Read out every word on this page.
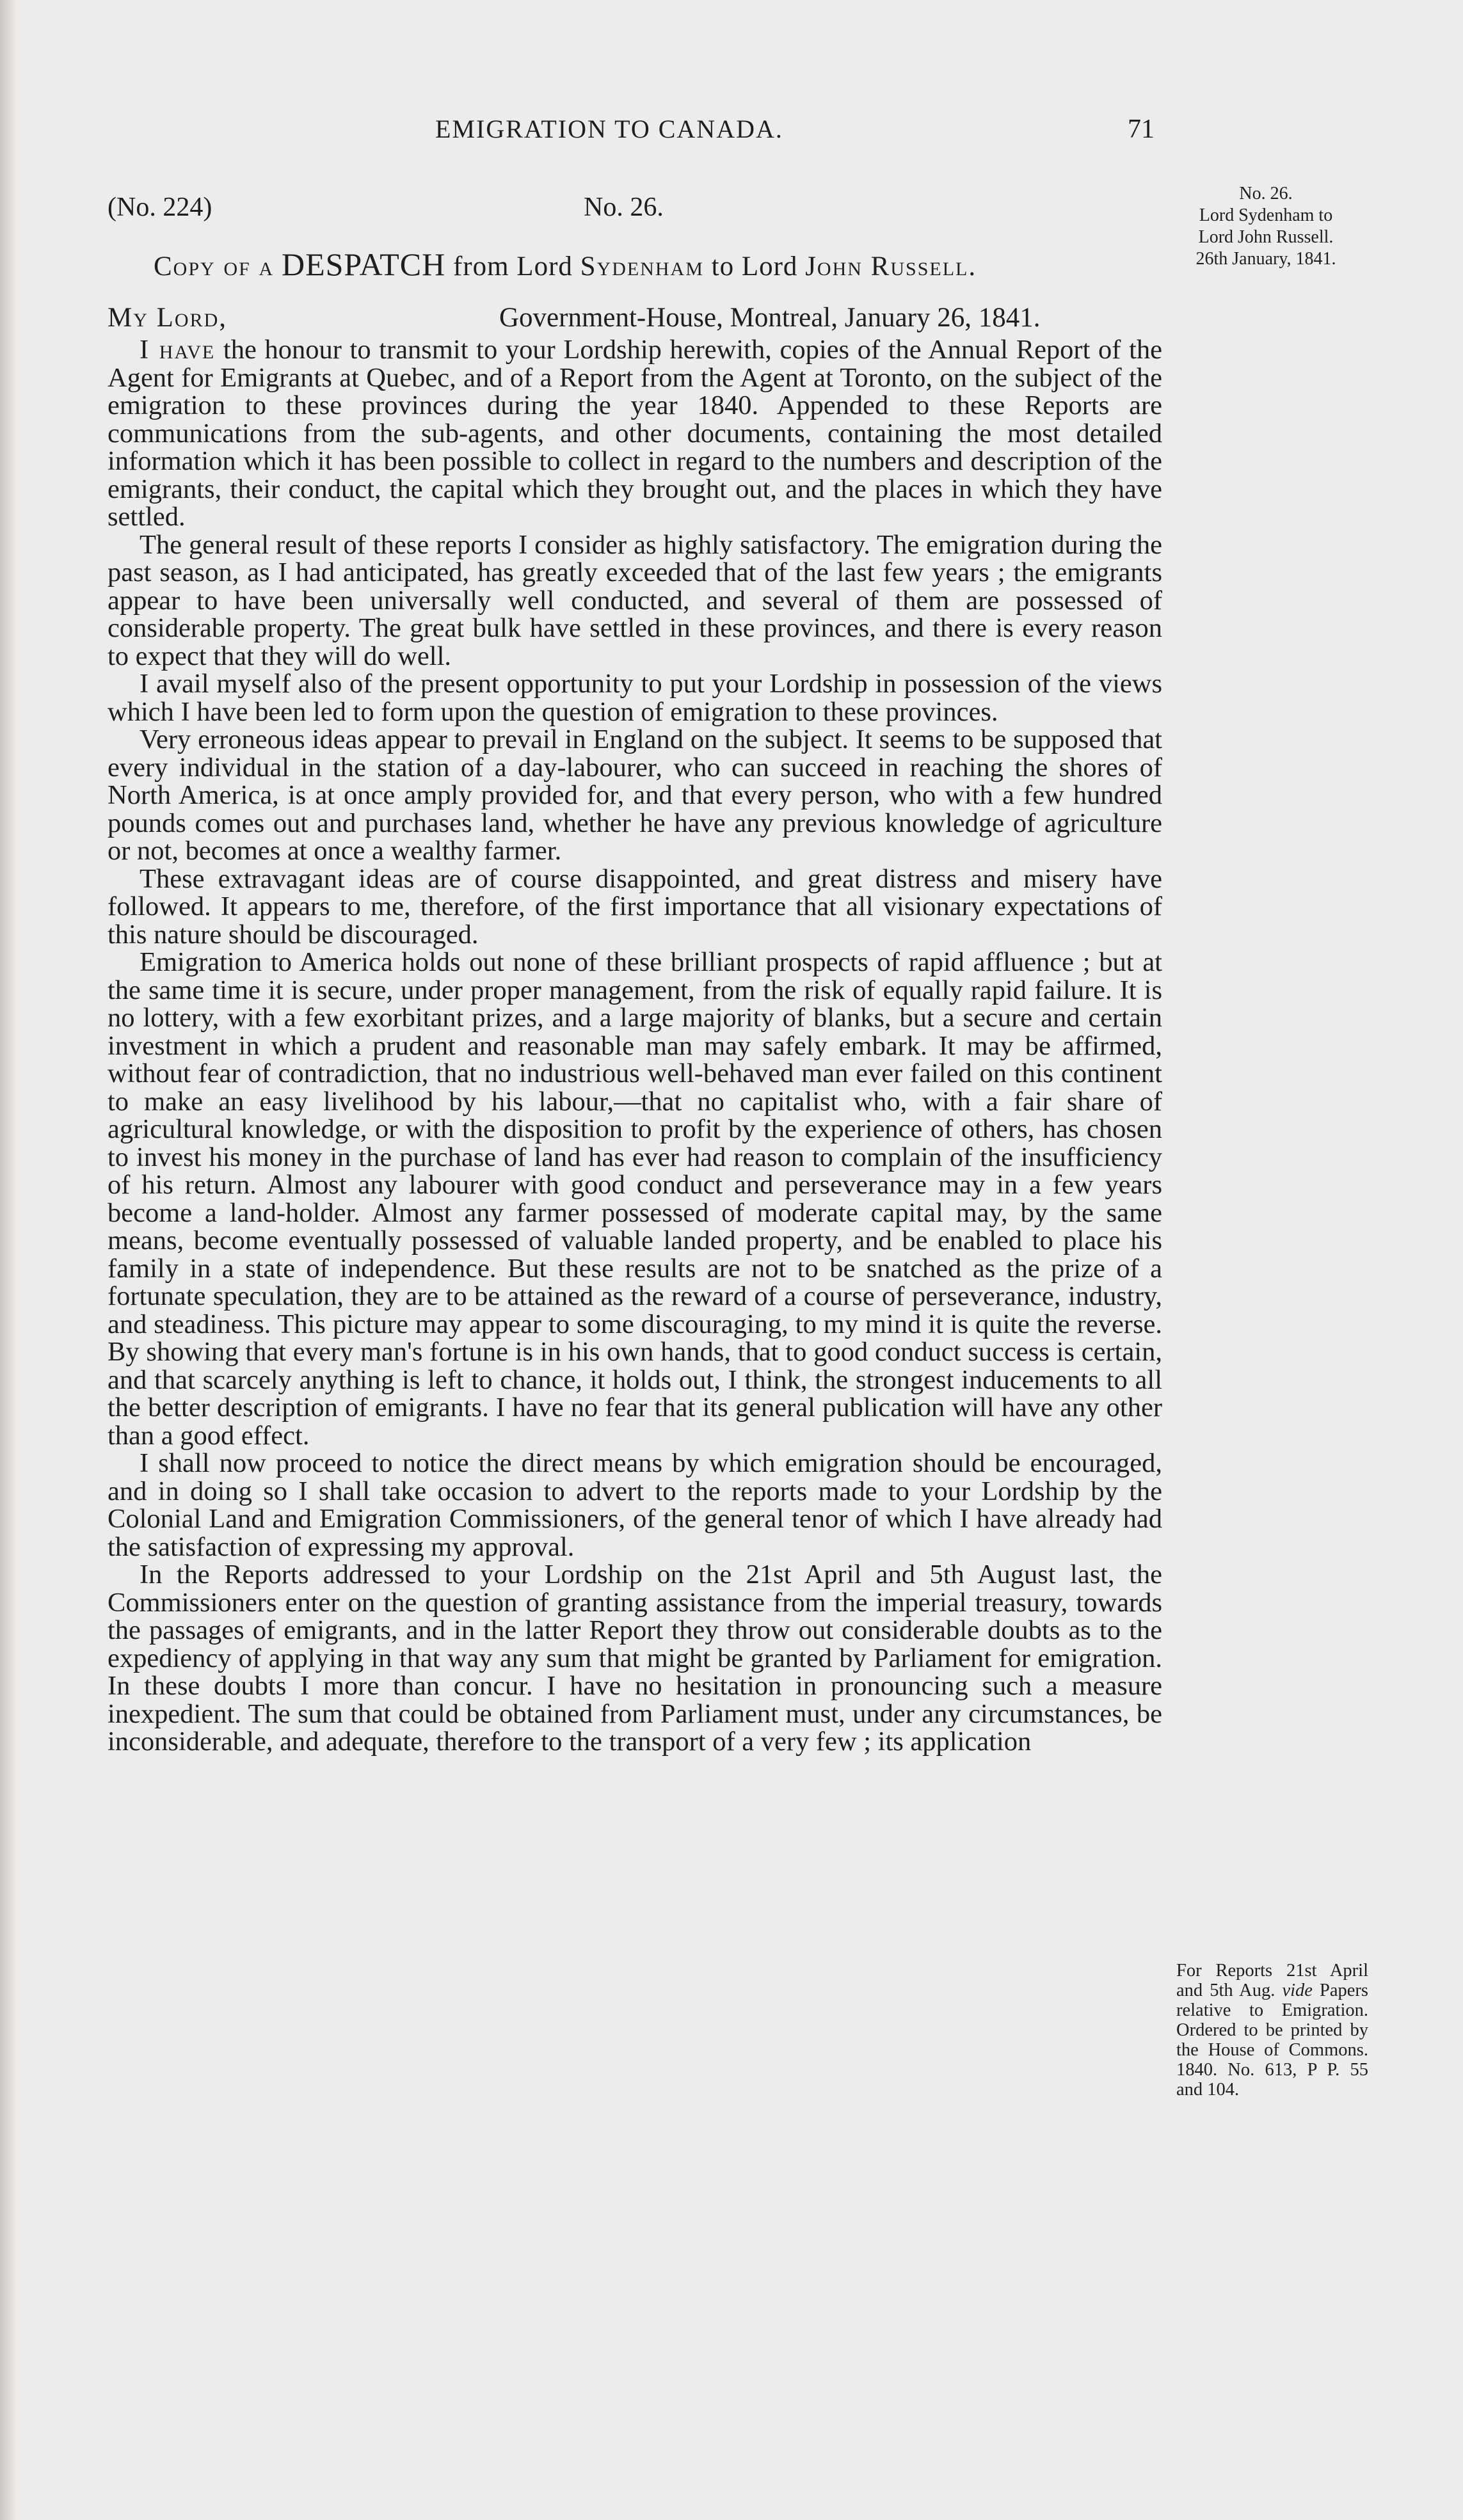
EMIGRATION TO CANADA.	71
(No. 224)	No. 26.
Copy of a DESPATCH from Lord Sydenham to Lord John Russell.
My Lord,	Government-House, Montreal, January 26, 1841.
No. 26.
Lord Sydenham to
Lord John Russell.
26th January, 1841.

I have the honour to transmit to your Lordship herewith, copies of the Annual Report of the Agent for Emigrants at Quebec, and of a Report from the Agent at Toronto, on the subject of the emigration to these provinces during the year 1840. Appended to these Reports are communications from the sub-agents, and other documents, containing the most detailed information which it has been possible to collect in regard to the numbers and description of the emigrants, their conduct, the capital which they brought out, and the places in which they have settled.

The general result of these reports I consider as highly satisfactory. The emigration during the past season, as I had anticipated, has greatly exceeded that of the last few years ; the emigrants appear to have been universally well conducted, and several of them are possessed of considerable property. The great bulk have settled in these provinces, and there is every reason to expect that they will do well.

I avail myself also of the present opportunity to put your Lordship in possession of the views which I have been led to form upon the question of emigration to these provinces.

Very erroneous ideas appear to prevail in England on the subject. It seems to be supposed that every individual in the station of a day-labourer, who can succeed in reaching the shores of North America, is at once amply provided for, and that every person, who with a few hundred pounds comes out and purchases land, whether he have any previous knowledge of agriculture or not, becomes at once a wealthy farmer.

These extravagant ideas are of course disappointed, and great distress and misery have followed. It appears to me, therefore, of the first importance that all visionary expectations of this nature should be discouraged.

Emigration to America holds out none of these brilliant prospects of rapid affluence ; but at the same time it is secure, under proper management, from the risk of equally rapid failure. It is no lottery, with a few exorbitant prizes, and a large majority of blanks, but a secure and certain investment in which a prudent and reasonable man may safely embark. It may be affirmed, without fear of contradiction, that no industrious well-behaved man ever failed on this continent to make an easy livelihood by his labour,—that no capitalist who, with a fair share of agricultural knowledge, or with the disposition to profit by the experience of others, has chosen to invest his money in the purchase of land has ever had reason to complain of the insufficiency of his return. Almost any labourer with good conduct and perseverance may in a few years become a land-holder. Almost any farmer possessed of moderate capital may, by the same means, become eventually possessed of valuable landed property, and be enabled to place his family in a state of independence. But these results are not to be snatched as the prize of a fortunate speculation, they are to be attained as the reward of a course of perseverance, industry, and steadiness. This picture may appear to some discouraging, to my mind it is quite the reverse. By showing that every man's fortune is in his own hands, that to good conduct success is certain, and that scarcely anything is left to chance, it holds out, I think, the strongest inducements to all the better description of emigrants. I have no fear that its general publication will have any other than a good effect.

I shall now proceed to notice the direct means by which emigration should be encouraged, and in doing so I shall take occasion to advert to the reports made to your Lordship by the Colonial Land and Emigration Commissioners, of the general tenor of which I have already had the satisfaction of expressing my approval.

In the Reports addressed to your Lordship on the 21st April and 5th August last, the Commissioners enter on the question of granting assistance from the imperial treasury, towards the passages of emigrants, and in the latter Report they throw out considerable doubts as to the expediency of applying in that way any sum that might be granted by Parliament for emigration. In these doubts I more than concur. I have no hesitation in pronouncing such a measure inexpedient. The sum that could be obtained from Parliament must, under any circumstances, be inconsiderable, and adequate, therefore to the transport of a very few ; its application

For Reports 21st April and 5th Aug. vide Papers relative to Emigration. Ordered to be printed by the House of Commons. 1840. No. 613, P P. 55 and 104.
